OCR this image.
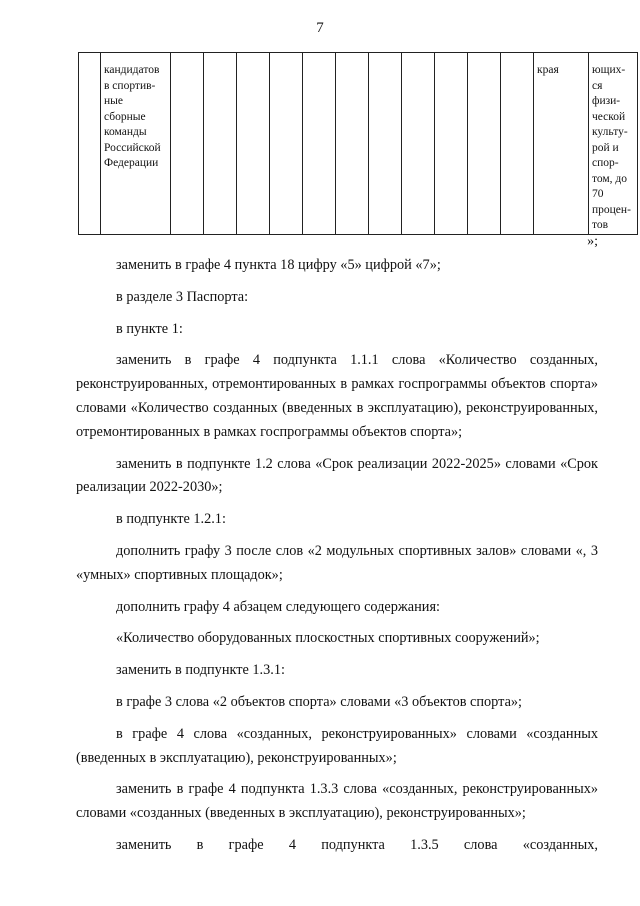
7
	кандидатов
в спортив-
ные
сборные
команды
Российской
Федерации												края	ющих-
ся
физи-
ческой
культу-
рой и
спор-
том, до
70
процен-
тов
»;

заменить в графе 4 пункта 18 цифру «5» цифрой «7»;

в разделе 3 Паспорта:

в пункте 1:

заменить в графе 4 подпункта 1.1.1 слова «Количество созданных, реконструированных, отремонтированных в рамках госпрограммы объектов спорта» словами «Количество созданных (введенных в эксплуатацию), реконструированных, отремонтированных в рамках госпрограммы объектов спорта»;

заменить в подпункте 1.2 слова «Срок реализации 2022-2025» словами «Срок реализации 2022-2030»;

в подпункте 1.2.1:

дополнить графу 3 после слов «2 модульных спортивных залов» словами «, 3 «умных» спортивных площадок»;

дополнить графу 4 абзацем следующего содержания:

«Количество оборудованных плоскостных спортивных сооружений»;

заменить в подпункте 1.3.1:

в графе 3 слова «2 объектов спорта» словами «3 объектов спорта»;

в графе 4 слова «созданных, реконструированных» словами «созданных (введенных в эксплуатацию), реконструированных»;

заменить в графе 4 подпункта 1.3.3 слова «созданных, реконструированных» словами «созданных (введенных в эксплуатацию), реконструированных»;

заменить в графе 4 подпункта 1.3.5 слова «созданных,
